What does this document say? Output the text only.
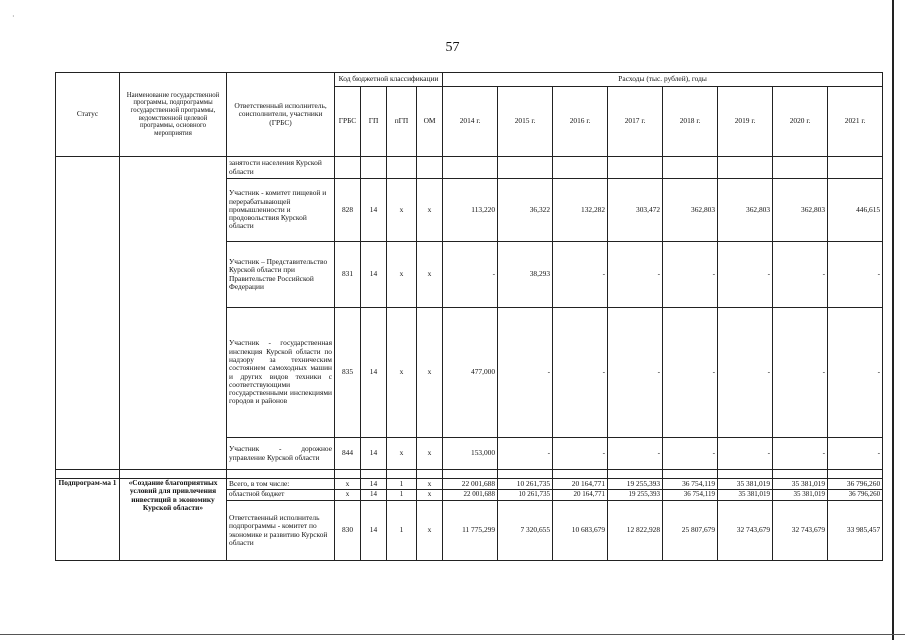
·
57
Статус	Наименование государственной программы, подпрограммы государственной программы, ведомственной целевой программы, основного мероприятия	Ответственный исполнитель, соисполнители, участники (ГРБС)	Код бюджетной классификации				Расходы (тыс. рублей), годы							
			ГРБС	ГП	пГП	ОМ	2014 г.	2015 г.	2016 г.	2017 г.	2018 г.	2019 г.	2020 г.	2021 г.
		занятости населения Курской области												
		Участник - комитет пищевой и перерабатывающей промышленности и продовольствия Курской области	828	14	х	х	113,220	36,322	132,282	303,472	362,803	362,803	362,803	446,615
		Участник – Представительство Курской области при Правительстве Российской Федерации	831	14	х	х	-	38,293	-	-	-	-	-	-
		Участник - государственная инспекция Курской области по надзору за техническим состоянием самоходных машин и других видов техники с соответствующими государственными инспекциями городов и районов	835	14	х	х	477,000	-	-	-	-	-	-	-
		Участник - дорожное управление Курской области	844	14	х	х	153,000	-	-	-	-	-	-	-

Подпрограм-ма 1	«Создание благоприятных условий для привлечения инвестиций в экономику Курской области»	Всего, в том числе:	х	14	1	х	22 001,688	10 261,735	20 164,771	19 255,393	36 754,119	35 381,019	35 381,019	36 796,260
		областной бюджет	х	14	1	х	22 001,688	10 261,735	20 164,771	19 255,393	36 754,119	35 381,019	35 381,019	36 796,260
		Ответственный исполнитель подпрограммы - комитет по экономике и развитию Курской области	830	14	1	х	11 775,299	7 320,655	10 683,679	12 822,928	25 807,679	32 743,679	32 743,679	33 985,457
